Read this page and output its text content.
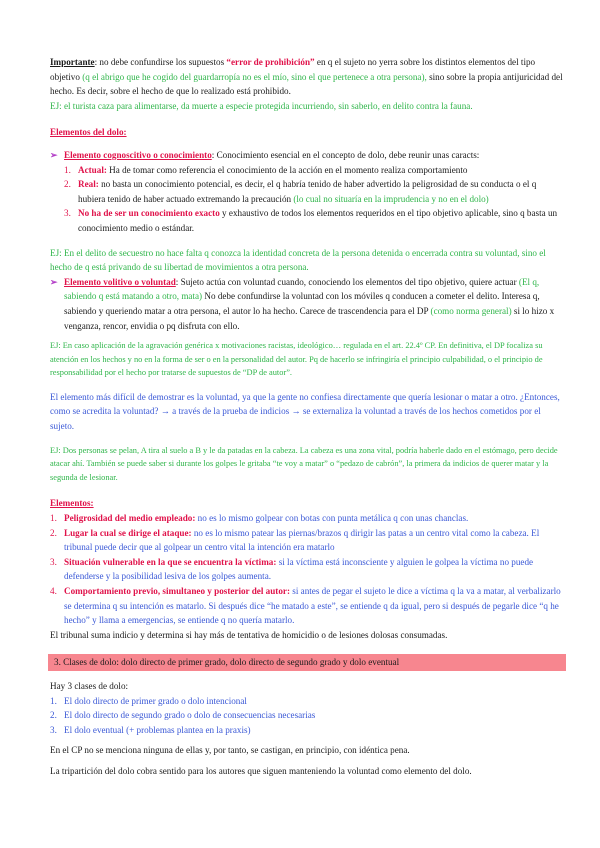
Importante: no debe confundirse los supuestos “error de prohibición” en q el sujeto no yerra sobre los distintos elementos del tipo objetivo (q el abrigo que he cogido del guardarropía no es el mío, sino el que pertenece a otra persona), sino sobre la propia antijuricidad del hecho. Es decir, sobre el hecho de que lo realizado está prohibido.

EJ: el turista caza para alimentarse, da muerte a especie protegida incurriendo, sin saberlo, en delito contra la fauna.

Elementos del dolo:

➢ Elemento cognoscitivo o conocimiento: Conocimiento esencial en el concepto de dolo, debe reunir unas caracts:
1. Actual: Ha de tomar como referencia el conocimiento de la acción en el momento realiza comportamiento
2. Real: no basta un conocimiento potencial, es decir, el q habría tenido de haber advertido la peligrosidad de su conducta o el q hubiera tenido de haber actuado extremando la precaución (lo cual no situaría en la imprudencia y no en el dolo)
3. No ha de ser un conocimiento exacto y exhaustivo de todos los elementos requeridos en el tipo objetivo aplicable, sino q basta un conocimiento medio o estándar.

EJ: En el delito de secuestro no hace falta q conozca la identidad concreta de la persona detenida o encerrada contra su voluntad, sino el hecho de q está privando de su libertad de movimientos a otra persona.

➢ Elemento volitivo o voluntad: Sujeto actúa con voluntad cuando, conociendo los elementos del tipo objetivo, quiere actuar (El q, sabiendo q está matando a otro, mata) No debe confundirse la voluntad con los móviles q conducen a cometer el delito. Interesa q, sabiendo y queriendo matar a otra persona, el autor lo ha hecho. Carece de trascendencia para el DP (como norma general) si lo hizo x venganza, rencor, envidia o pq disfruta con ello.

EJ: En caso aplicación de la agravación genérica x motivaciones racistas, ideológico… regulada en el art. 22.4º CP. En definitiva, el DP focaliza su atención en los hechos y no en la forma de ser o en la personalidad del autor. Pq de hacerlo se infringiría el principio culpabilidad, o el principio de responsabilidad por el hecho por tratarse de supuestos de “DP de autor”.

El elemento más difícil de demostrar es la voluntad, ya que la gente no confiesa directamente que quería lesionar o matar a otro. ¿Entonces, como se acredita la voluntad? → a través de la prueba de indicios → se externaliza la voluntad a través de los hechos cometidos por el sujeto.

EJ: Dos personas se pelan, A tira al suelo a B y le da patadas en la cabeza. La cabeza es una zona vital, podría haberle dado en el estómago, pero decide atacar ahí. También se puede saber si durante los golpes le gritaba “te voy a matar” o “pedazo de cabrón”, la primera da indicios de querer matar y la segunda de lesionar.

Elementos:

1. Peligrosidad del medio empleado: no es lo mismo golpear con botas con punta metálica q con unas chanclas.
2. Lugar la cual se dirige el ataque: no es lo mismo patear las piernas/brazos q dirigir las patas a un centro vital como la cabeza. El tribunal puede decir que al golpear un centro vital la intención era matarlo
3. Situación vulnerable en la que se encuentra la víctima: si la víctima está inconsciente y alguien le golpea la víctima no puede defenderse y la posibilidad lesiva de los golpes aumenta.
4. Comportamiento previo, simultaneo y posterior del autor: si antes de pegar el sujeto le dice a víctima q la va a matar, al verbalizarlo se determina q su intención es matarlo. Si después dice “he matado a este”, se entiende q da igual, pero si después de pegarle dice “q he hecho” y llama a emergencias, se entiende q no quería matarlo.

El tribunal suma indicio y determina si hay más de tentativa de homicidio o de lesiones dolosas consumadas.

3. Clases de dolo: dolo directo de primer grado, dolo directo de segundo grado y dolo eventual

Hay 3 clases de dolo:

1. El dolo directo de primer grado o dolo intencional
2. El dolo directo de segundo grado o dolo de consecuencias necesarias
3. El dolo eventual (+ problemas plantea en la praxis)

En el CP no se menciona ninguna de ellas y, por tanto, se castigan, en principio, con idéntica pena.

La tripartición del dolo cobra sentido para los autores que siguen manteniendo la voluntad como elemento del dolo.
